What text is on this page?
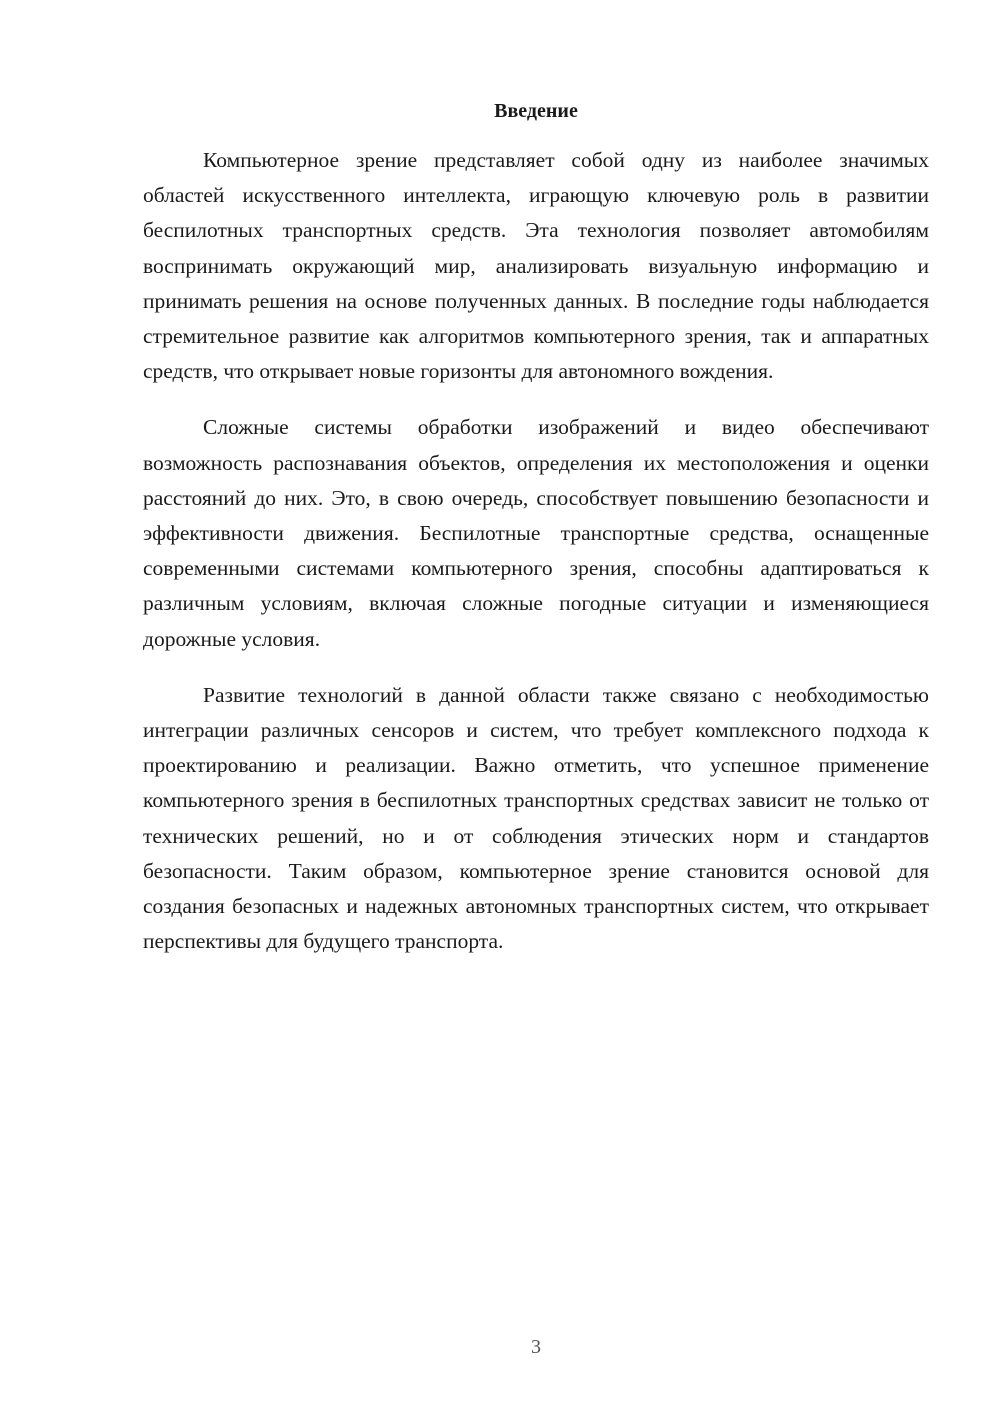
Введение

Компьютерное зрение представляет собой одну из наиболее значимых областей искусственного интеллекта, играющую ключевую роль в развитии беспилотных транспортных средств. Эта технология позволяет автомобилям воспринимать окружающий мир, анализировать визуальную информацию и принимать решения на основе полученных данных. В последние годы наблюдается стремительное развитие как алгоритмов компьютерного зрения, так и аппаратных средств, что открывает новые горизонты для автономного вождения.

Сложные системы обработки изображений и видео обеспечивают возможность распознавания объектов, определения их местоположения и оценки расстояний до них. Это, в свою очередь, способствует повышению безопасности и эффективности движения. Беспилотные транспортные средства, оснащенные современными системами компьютерного зрения, способны адаптироваться к различным условиям, включая сложные погодные ситуации и изменяющиеся дорожные условия.

Развитие технологий в данной области также связано с необходимостью интеграции различных сенсоров и систем, что требует комплексного подхода к проектированию и реализации. Важно отметить, что успешное применение компьютерного зрения в беспилотных транспортных средствах зависит не только от технических решений, но и от соблюдения этических норм и стандартов безопасности. Таким образом, компьютерное зрение становится основой для создания безопасных и надежных автономных транспортных систем, что открывает перспективы для будущего транспорта.

3
